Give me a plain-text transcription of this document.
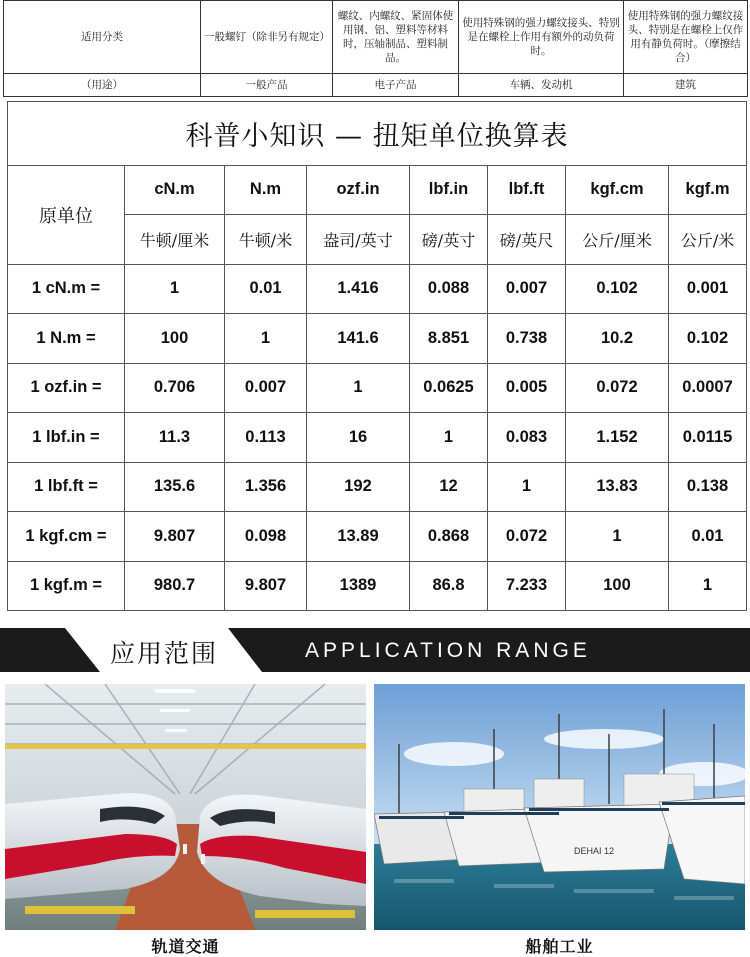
适用分类	一般螺钉（除非另有规定）	螺纹、内螺纹、紧固体使用钢、铝、塑料等材料时，压轴制品、塑料制品。	使用特殊钢的强力螺纹接头、特别是在螺栓上作用有额外的动负荷时。	使用特殊钢的强力螺纹接头、特别是在螺栓上仅作用有静负荷时。（摩擦结合）
（用途）	一般产品	电子产品	车辆、发动机	建筑
科普小知识 — 扭矩单位换算表							
原单位	cN.m	N.m	ozf.in	lbf.in	lbf.ft	kgf.cm	kgf.m
	牛顿/厘米	牛顿/米	盎司/英寸	磅/英寸	磅/英尺	公斤/厘米	公斤/米
1 cN.m =	1	0.01	1.416	0.088	0.007	0.102	0.001
1 N.m =	100	1	141.6	8.851	0.738	10.2	0.102
1 ozf.in =	0.706	0.007	1	0.0625	0.005	0.072	0.0007
1 lbf.in =	11.3	0.113	16	1	0.083	1.152	0.0115
1 lbf.ft =	135.6	1.356	192	12	1	13.83	0.138
1 kgf.cm =	9.807	0.098	13.89	0.868	0.072	1	0.01
1 kgf.m =	980.7	9.807	1389	86.8	7.233	100	1
应用范围	APPLICATION RANGE
DEHAI 12
轨道交通	船舶工业
